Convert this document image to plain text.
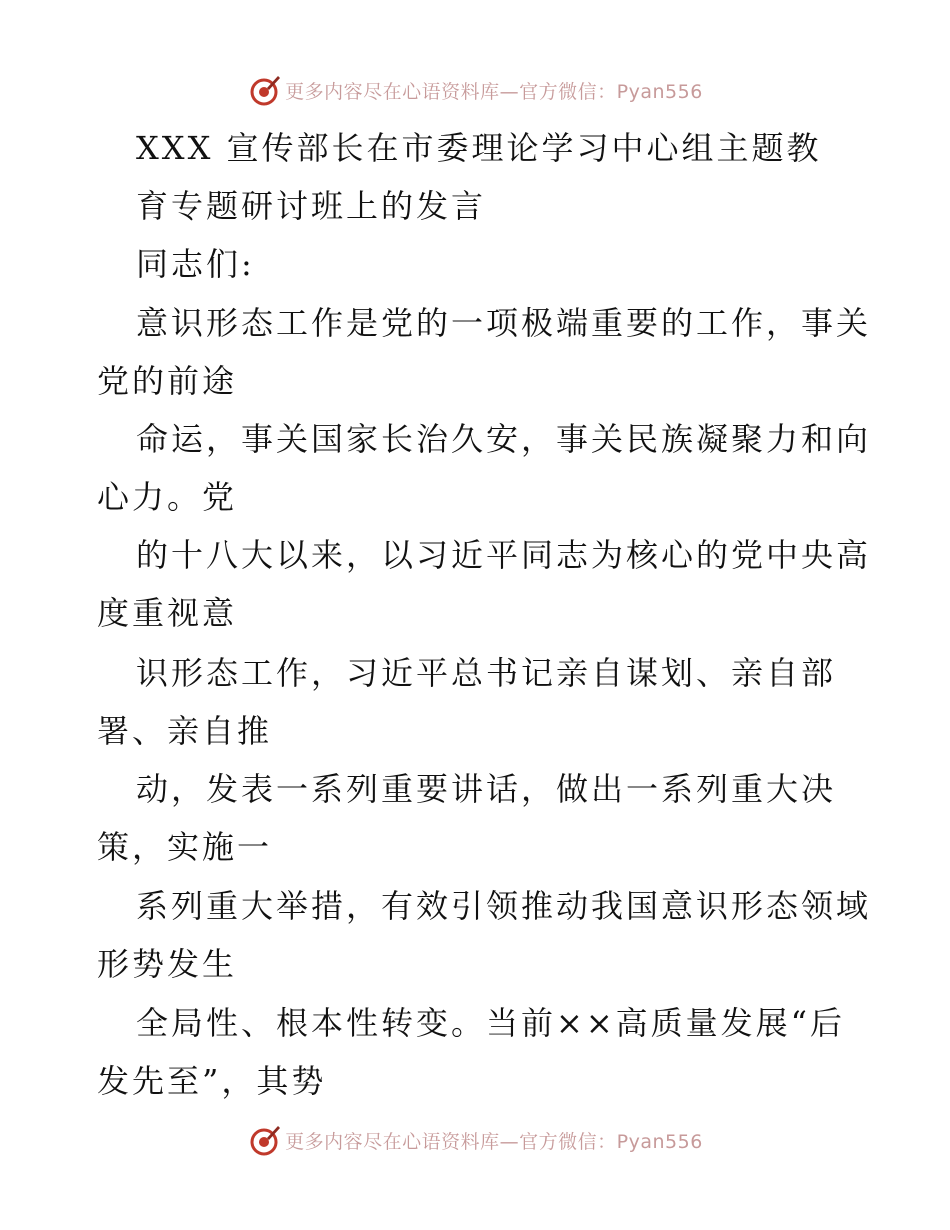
更多内容尽在心语资料库—官方微信：Pyan556
XXX 宣传部长在市委理论学习中心组主题教
育专题研讨班上的发言
同志们:
意识形态工作是党的一项极端重要的工作，事关
党的前途
命运，事关国家长治久安，事关民族凝聚力和向
心力。党
的十八大以来，以习近平同志为核心的党中央高
度重视意
识形态工作，习近平总书记亲自谋划、亲自部
署、亲自推
动，发表一系列重要讲话，做出一系列重大决
策，实施一
系列重大举措，有效引领推动我国意识形态领域
形势发生
全局性、根本性转变。当前××高质量发展“后
发先至”，其势
更多内容尽在心语资料库—官方微信：Pyan556
